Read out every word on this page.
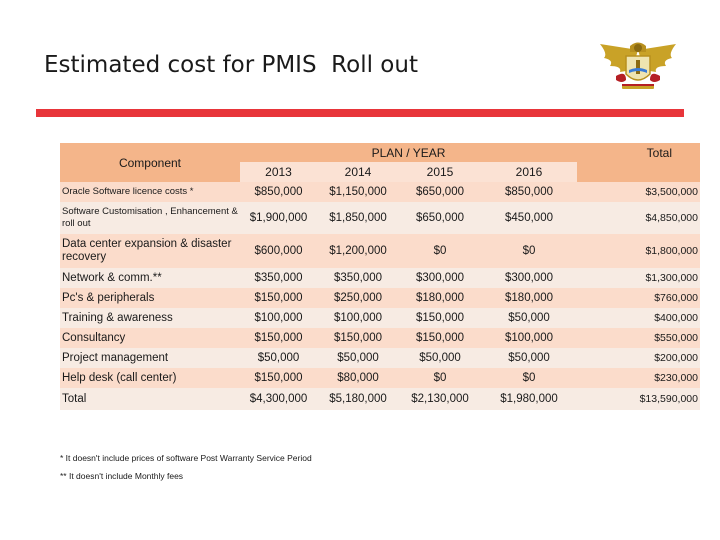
Estimated cost for PMIS  Roll out
Component	PLAN / YEAR				Total
	2013	2014	2015	2016	
Oracle Software licence costs *	$850,000	$1,150,000	$650,000	$850,000	$3,500,000
Software Customisation , Enhancement & roll out	$1,900,000	$1,850,000	$650,000	$450,000	$4,850,000
Data center expansion & disaster recovery	$600,000	$1,200,000	$0	$0	$1,800,000
Network & comm.**	$350,000	$350,000	$300,000	$300,000	$1,300,000
Pc's & peripherals	$150,000	$250,000	$180,000	$180,000	$760,000
Training & awareness	$100,000	$100,000	$150,000	$50,000	$400,000
Consultancy	$150,000	$150,000	$150,000	$100,000	$550,000
Project management	$50,000	$50,000	$50,000	$50,000	$200,000
Help desk (call center)	$150,000	$80,000	$0	$0	$230,000
Total	$4,300,000	$5,180,000	$2,130,000	$1,980,000	$13,590,000
* It doesn't include prices of software Post Warranty Service Period
** It doesn't include Monthly fees
